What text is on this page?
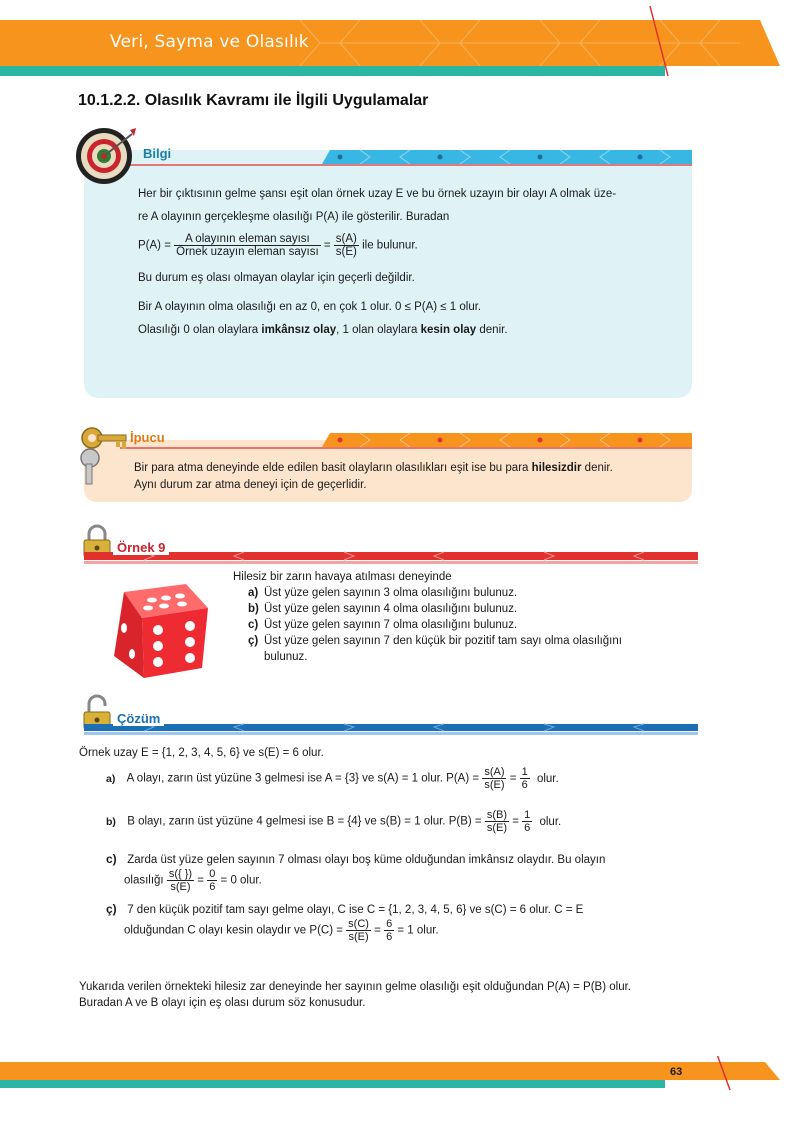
Veri, Sayma ve Olasılık
10.1.2.2. Olasılık Kavramı ile İlgili Uygulamalar
Bilgi
Her bir çıktısının gelme şansı eşit olan örnek uzay E ve bu örnek uzayın bir olayı A olmak üze-
re A olayının gerçekleşme olasılığı P(A) ile gösterilir. Buradan
$P(A) = \frac{\text{A olayının eleman sayısı}}{\text{Örnek uzayın eleman sayısı}} = \frac{s(A)}{s(E)}$ ile bulunur.
Bu durum eş olası olmayan olaylar için geçerli değildir.
Bir A olayının olma olasılığı en az 0, en çok 1 olur. 0 ≤ P(A) ≤ 1 olur.
Olasılığı 0 olan olaylara imkânsız olay, 1 olan olaylara kesin olay denir.
İpucu
Bir para atma deneyinde elde edilen basit olayların olasılıkları eşit ise bu para hilesizdir denir.
Aynı durum zar atma deneyi için de geçerlidir.
Örnek 9
Hilesiz bir zarın havaya atılması deneyinde
a) Üst yüze gelen sayının 3 olma olasılığını bulunuz.
b) Üst yüze gelen sayının 4 olma olasılığını bulunuz.
c) Üst yüze gelen sayının 7 olma olasılığını bulunuz.
ç) Üst yüze gelen sayının 7 den küçük bir pozitif tam sayı olma olasılığını
bulunuz.
Çözüm
Örnek uzay E = {1, 2, 3, 4, 5, 6} ve s(E) = 6 olur.
a) A olayı, zarın üst yüzüne 3 gelmesi ise A = {3} ve s(A) = 1 olur. $P(A) = \frac{s(A)}{s(E)} = \frac{1}{6}$ olur.
b) B olayı, zarın üst yüzüne 4 gelmesi ise B = {4} ve s(B) = 1 olur. $P(B) = \frac{s(B)}{s(E)} = \frac{1}{6}$ olur.
c) Zarda üst yüze gelen sayının 7 olması olayı boş küme olduğundan imkânsız olaydır. Bu olayın
olasılığı $\frac{s(\{ \})}{s(E)} = \frac{0}{6} = 0$ olur.
ç) 7 den küçük pozitif tam sayı gelme olayı, C ise C = {1, 2, 3, 4, 5, 6} ve s(C) = 6 olur. C = E
olduğundan C olayı kesin olaydır ve $P(C) = \frac{s(C)}{s(E)} = \frac{6}{6} = 1$ olur.
Yukarıda verilen örnekteki hilesiz zar deneyinde her sayının gelme olasılığı eşit olduğundan P(A) = P(B) olur.
Buradan A ve B olayı için eş olası durum söz konusudur.
63
